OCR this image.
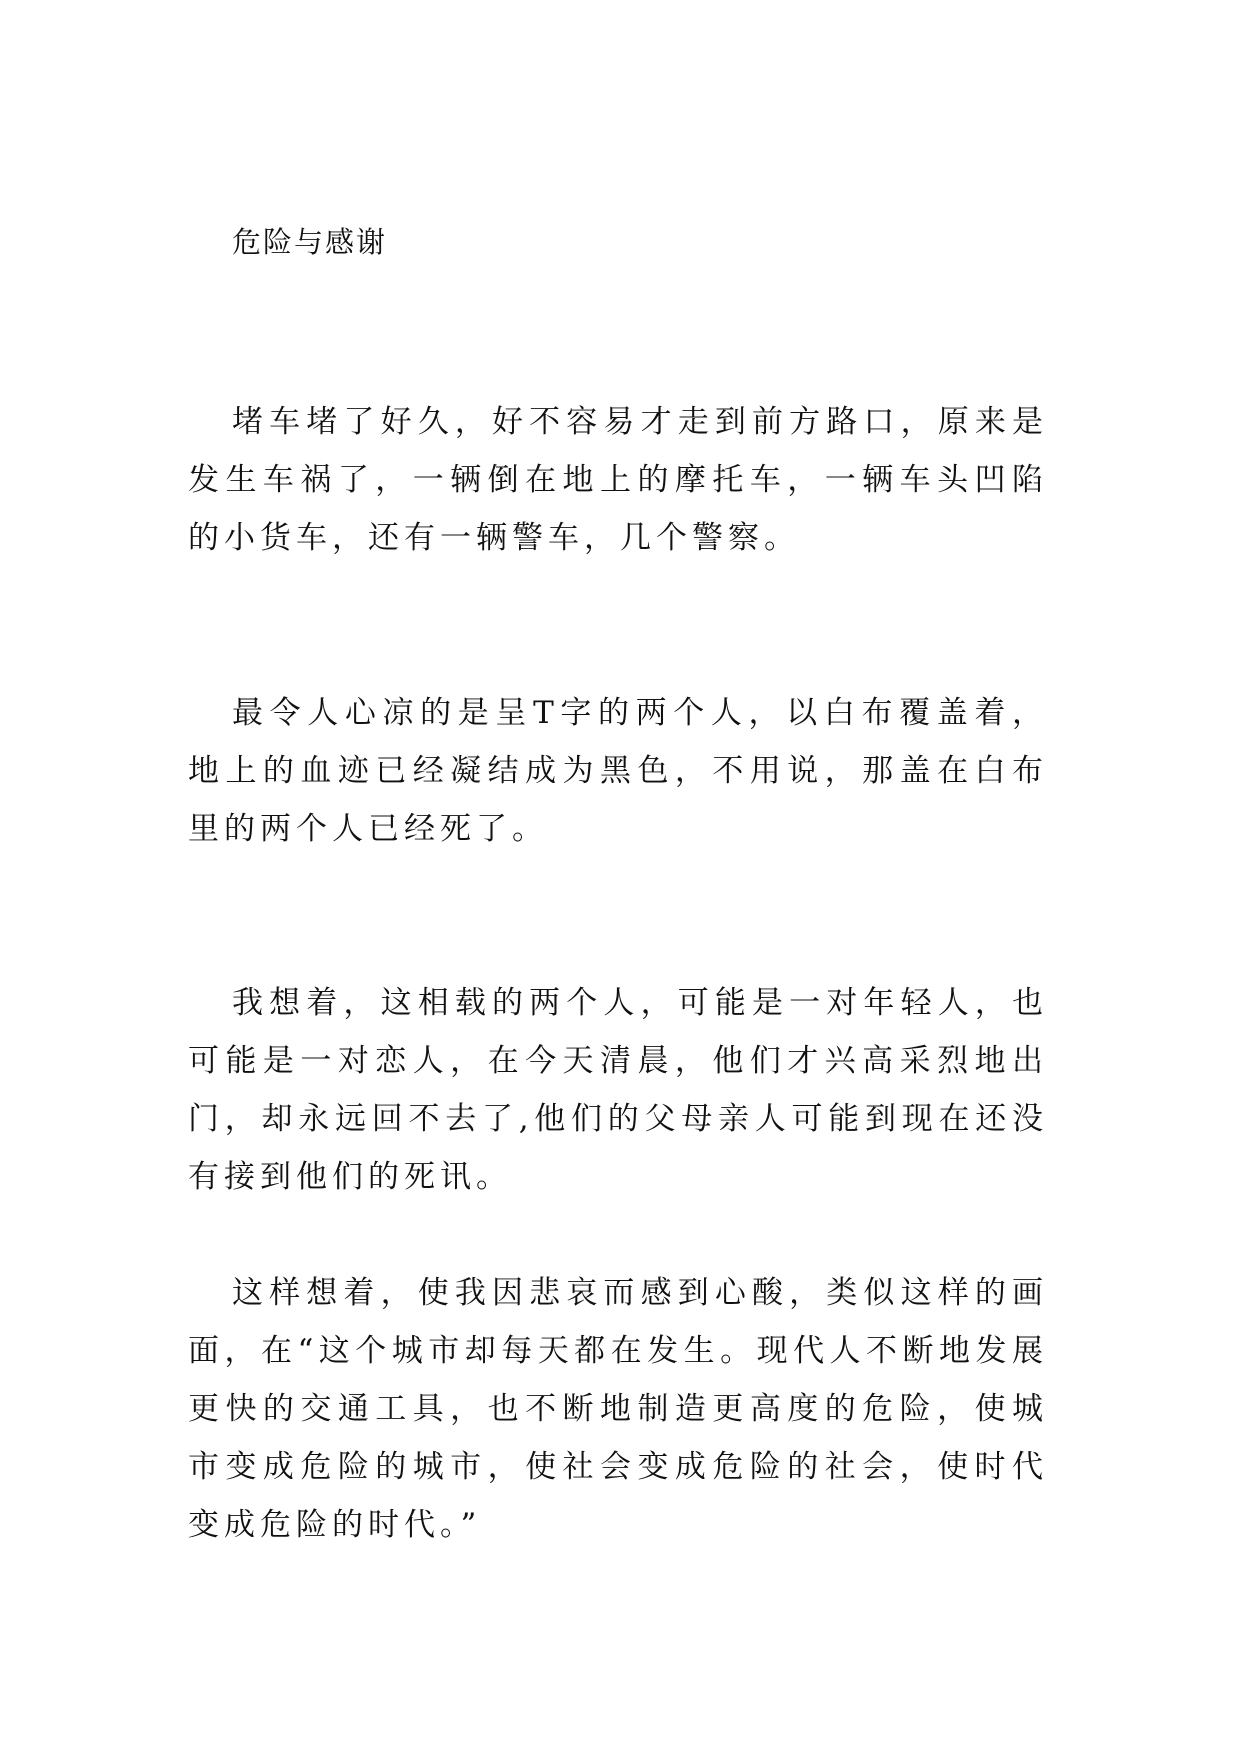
危险与感谢

堵车堵了好久，好不容易才走到前方路口，原来是发生车祸了，一辆倒在地上的摩托车，一辆车头凹陷的小货车，还有一辆警车，几个警察。

最令人心凉的是呈T字的两个人，以白布覆盖着，地上的血迹已经凝结成为黑色，不用说，那盖在白布里的两个人已经死了。

我想着，这相载的两个人，可能是一对年轻人，也可能是一对恋人，在今天清晨，他们才兴高采烈地出门，却永远回不去了,他们的父母亲人可能到现在还没有接到他们的死讯。

这样想着，使我因悲哀而感到心酸，类似这样的画面，在“这个城市却每天都在发生。现代人不断地发展更快的交通工具，也不断地制造更高度的危险，使城市变成危险的城市，使社会变成危险的社会，使时代变成危险的时代。”
